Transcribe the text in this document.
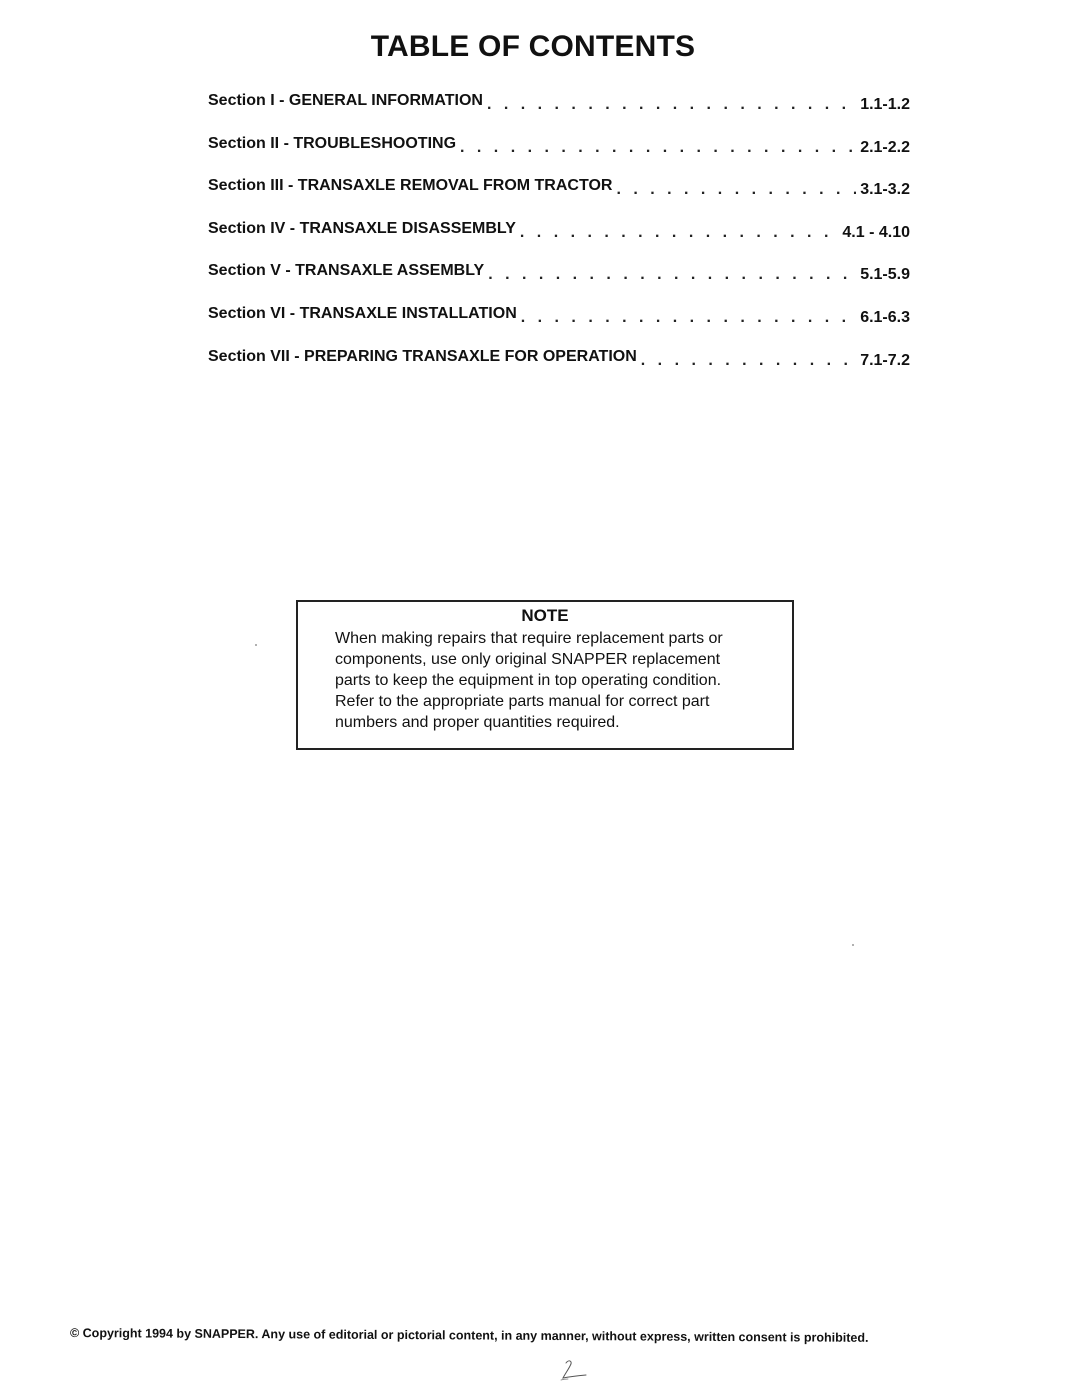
TABLE OF CONTENTS
Section I - GENERAL INFORMATION . . .	1.1-1.2
Section II - TROUBLESHOOTING . . .	2.1-2.2
Section III - TRANSAXLE REMOVAL FROM TRACTOR . . .	3.1-3.2
Section IV - TRANSAXLE DISASSEMBLY . . .	4.1 - 4.10
Section V - TRANSAXLE ASSEMBLY . . .	5.1-5.9
Section VI - TRANSAXLE INSTALLATION . . .	6.1-6.3
Section VII - PREPARING TRANSAXLE FOR OPERATION . . .	7.1-7.2
NOTE
When making repairs that require replacement parts or
components, use only original SNAPPER replacement
parts to keep the equipment in top operating condition.
Refer to the appropriate parts manual for correct part
numbers and proper quantities required.
© Copyright 1994 by SNAPPER. Any use of editorial or pictorial content, in any manner, without express, written consent is prohibited.
